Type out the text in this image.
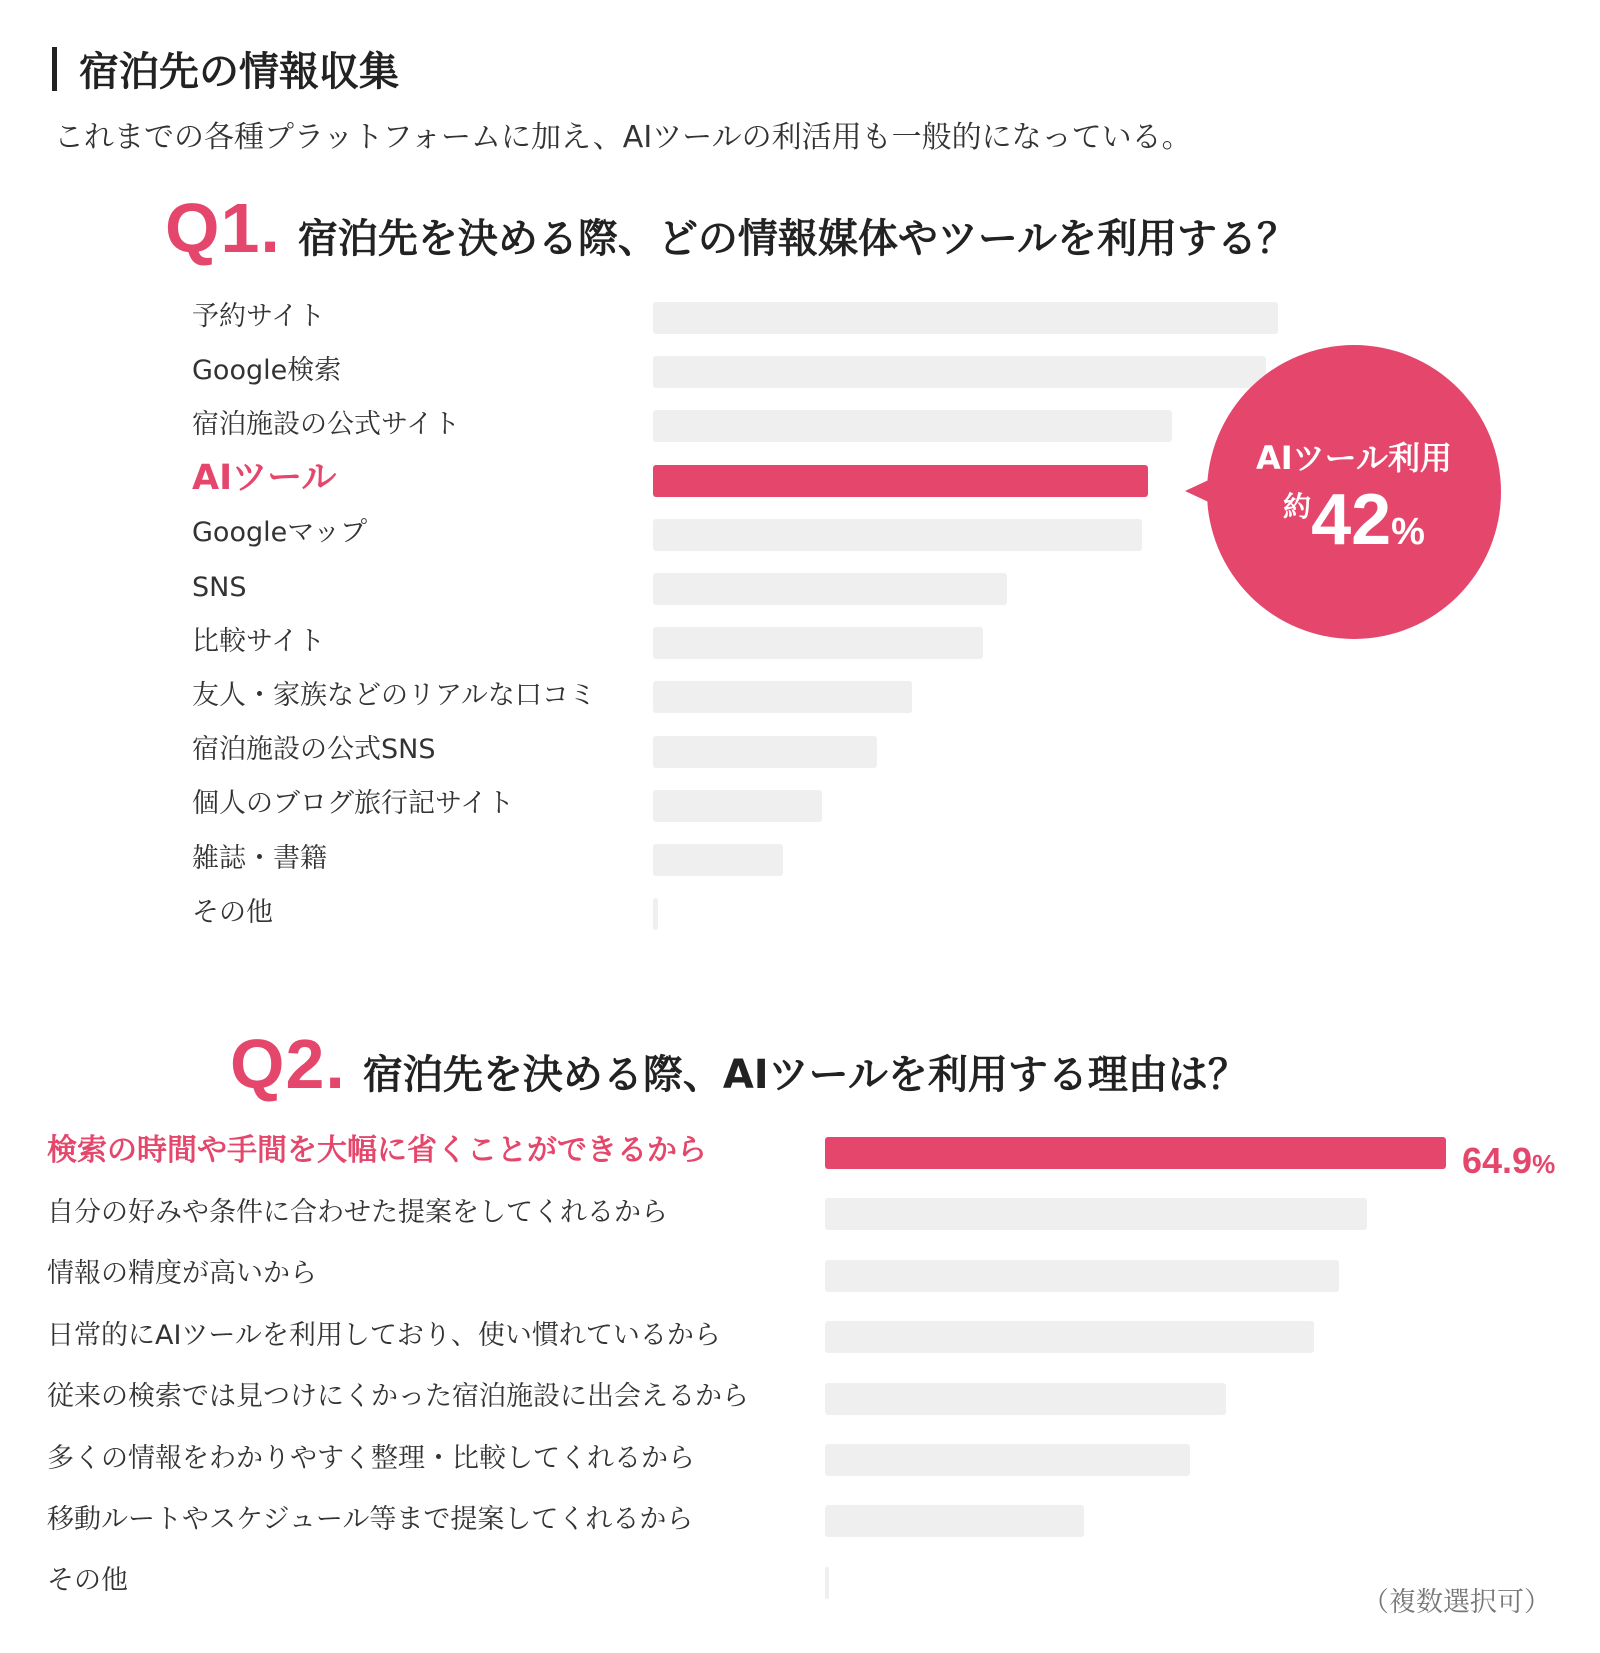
宿泊先の情報収集
これまでの各種プラットフォームに加え、AIツールの利活用も一般的になっている。
Q1 . 宿泊先を決める際、どの情報媒体やツールを利用する？
予約サイト
Google検索
宿泊施設の公式サイト
AIツール
Googleマップ
SNS
比較サイト
友人・家族などのリアルな口コミ
宿泊施設の公式SNS
個人のブログ旅行記サイト
雑誌・書籍
その他
AIツール利用
約42%
Q2 . 宿泊先を決める際、AIツールを利用する理由は？
検索の時間や手間を大幅に省くことができるから
自分の好みや条件に合わせた提案をしてくれるから
情報の精度が高いから
日常的にAIツールを利用しており、使い慣れているから
従来の検索では見つけにくかった宿泊施設に出会えるから
多くの情報をわかりやすく整理・比較してくれるから
移動ルートやスケジュール等まで提案してくれるから
その他
64.9%
（複数選択可）
